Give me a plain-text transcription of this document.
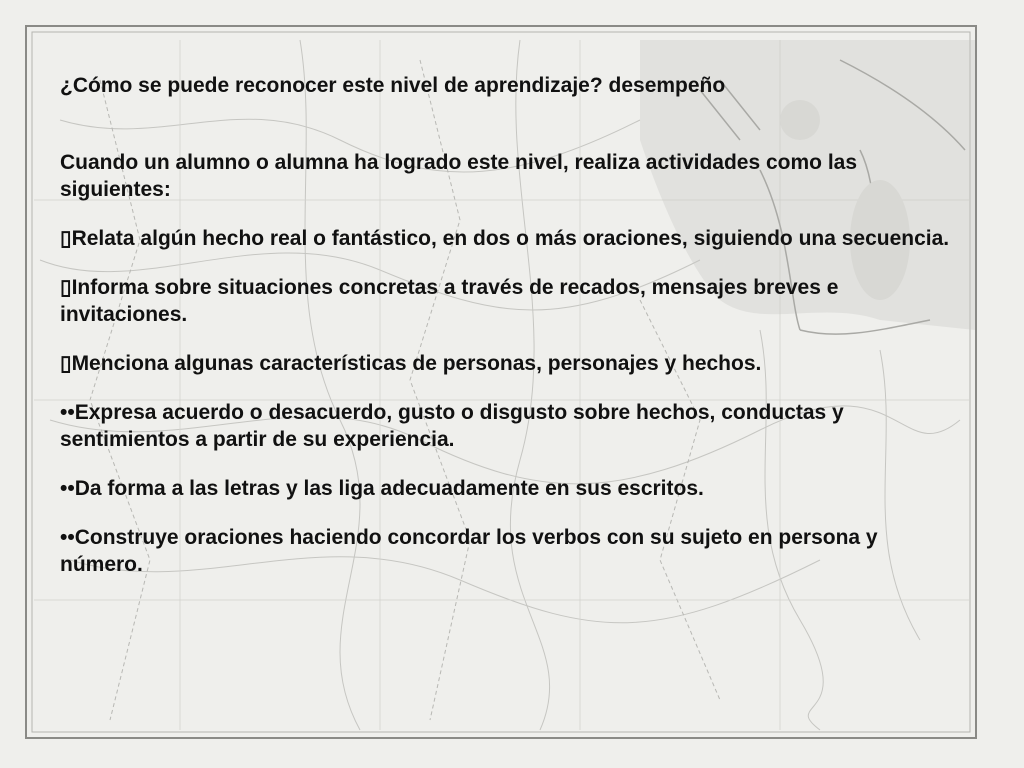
¿Cómo se puede reconocer este nivel de aprendizaje? desempeño

Cuando un alumno o alumna ha logrado este nivel, realiza actividades como las siguientes:

▯Relata algún hecho real o fantástico, en dos o más oraciones, siguiendo una secuencia.

▯Informa sobre situaciones concretas a través de recados, mensajes breves e invitaciones.

▯Menciona algunas características de personas, personajes y hechos.

••Expresa acuerdo o desacuerdo, gusto o disgusto sobre hechos, conductas y sentimientos a partir de su experiencia.

••Da forma a las letras y las liga adecuadamente en sus escritos.

••Construye oraciones haciendo concordar los verbos con su sujeto en persona y número.
